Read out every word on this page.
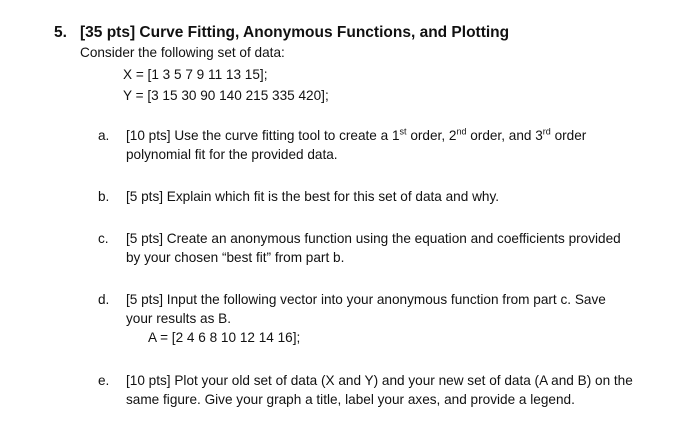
5. [35 pts] Curve Fitting, Anonymous Functions, and Plotting
Consider the following set of data:
X = [1 3 5 7 9 11 13 15];
Y = [3 15 30 90 140 215 335 420];
a.	[10 pts] Use the curve fitting tool to create a 1st order, 2nd order, and 3rd order

polynomial fit for the provided data.

b.	[5 pts] Explain which fit is the best for this set of data and why.

c.	[5 pts] Create an anonymous function using the equation and coefficients provided

by your chosen “best fit” from part b.

d.	[5 pts] Input the following vector into your anonymous function from part c. Save

your results as B.

A = [2 4 6 8 10 12 14 16];

e.	[10 pts] Plot your old set of data (X and Y) and your new set of data (A and B) on the

same figure. Give your graph a title, label your axes, and provide a legend.
